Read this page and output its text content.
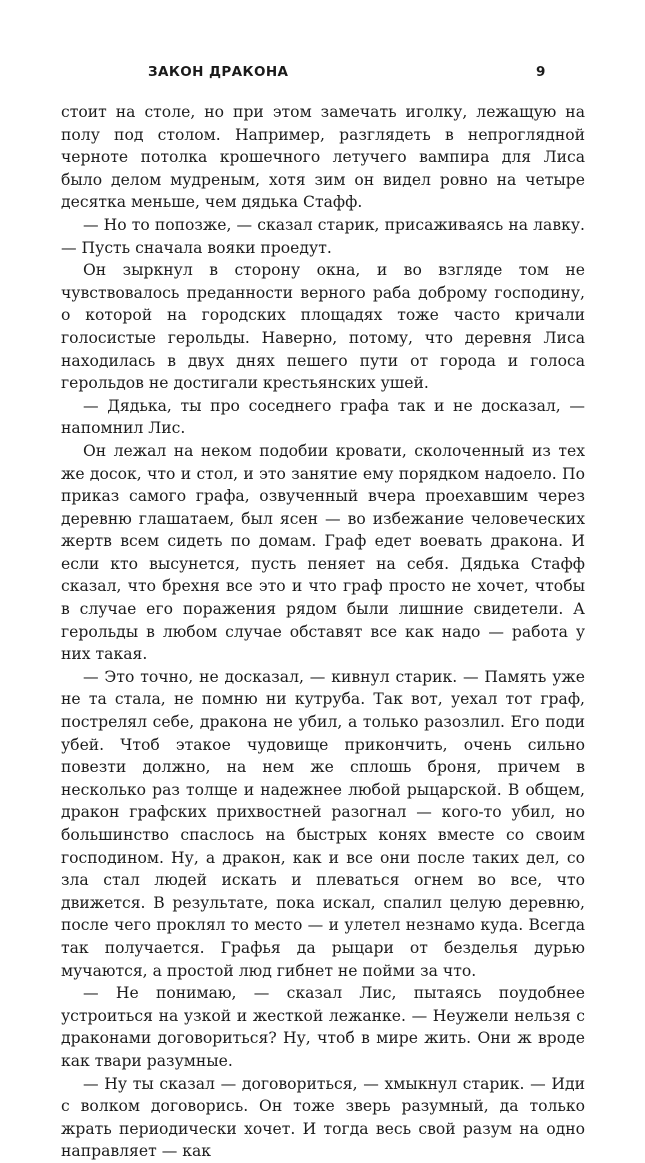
ЗАКОН ДРАКОНА	9

стоит на столе, но при этом замечать иголку, лежащую на полу под столом. Например, разглядеть в непроглядной черноте потолка крошечного летучего вампира для Лиса было делом мудреным, хотя зим он видел ровно на четыре десятка меньше, чем дядька Стафф.

— Но то попозже, — сказал старик, присаживаясь на лавку. — Пусть сначала вояки проедут.

Он зыркнул в сторону окна, и во взгляде том не чувствовалось преданности верного раба доброму господину, о которой на городских площадях тоже часто кричали голосистые герольды. Наверно, потому, что деревня Лиса находилась в двух днях пешего пути от города и голоса герольдов не достигали крестьянских ушей.

— Дядька, ты про соседнего графа так и не досказал, — напомнил Лис.

Он лежал на неком подобии кровати, сколоченный из тех же досок, что и стол, и это занятие ему порядком надоело. По приказ самого графа, озвученный вчера проехавшим через деревню глашатаем, был ясен — во избежание человеческих жертв всем сидеть по домам. Граф едет воевать дракона. И если кто высунется, пусть пеняет на себя. Дядька Стафф сказал, что брехня все это и что граф просто не хочет, чтобы в случае его поражения рядом были лишние свидетели. А герольды в любом случае обставят все как надо — работа у них такая.

— Это точно, не досказал, — кивнул старик. — Память уже не та стала, не помню ни кутруба. Так вот, уехал тот граф, пострелял себе, дракона не убил, а только разозлил. Его поди убей. Чтоб этакое чудовище прикончить, очень сильно повезти должно, на нем же сплошь броня, причем в несколько раз толще и надежнее любой рыцарской. В общем, дракон графских прихвостней разогнал — кого-то убил, но большинство спаслось на быстрых конях вместе со своим господином. Ну, а дракон, как и все они после таких дел, со зла стал людей искать и плеваться огнем во все, что движется. В результате, пока искал, спалил целую деревню, после чего проклял то место — и улетел незнамо куда. Всегда так получается. Графья да рыцари от безделья дурью мучаются, а простой люд гибнет не пойми за что.

— Не понимаю, — сказал Лис, пытаясь поудобнее устроиться на узкой и жесткой лежанке. — Неужели нельзя с драконами договориться? Ну, чтоб в мире жить. Они ж вроде как твари разумные.

— Ну ты сказал — договориться, — хмыкнул старик. — Иди с волком договорись. Он тоже зверь разумный, да только жрать периодически хочет. И тогда весь свой разум на одно направляет — как
